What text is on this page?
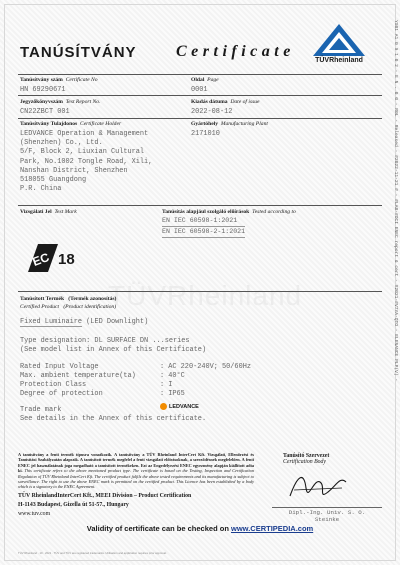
YS01 A1 0 9 1 0 2 - E N . 0 0 - R0L - Released - #2022-11-21 # - #LAB-#OCI ENEC report & cert - #2021-#V7YA-QTO - ELENANCE PLP(V) -
TANÚSÍTVÁNY Certificate
TÜVRheinland
Tanúsítvány szám Certificate No
HN 69290671
Oldal Page
0001
Jegyzőkönyvszám Test Report No.
CN22ZBCT 001
Kiadás dátuma Date of issue
2022-08-12
Tanúsítvány Tulajdonos Certificate Holder
LEDVANCE Operation & Management
(Shenzhen) Co., Ltd.
5/F, Block 2, Liuxian Cultural
Park, No.1002 Tongle Road, Xili,
Nanshan District, Shenzhen
518055 Guangdong
P.R. China
Gyártóhely Manufacturing Plant
2171010
Vizsgálati Jel Test Mark	Tanúsítás alapjául szolgáló előírások Tested according to
EN IEC 60598-1:2021
EN IEC 60598-2-1:2021
EC 18
TÜVRheinland
Tanúsított Termék (Termék azonosítás)
Certified Product (Product identification)
Fixed Luminaire (LED Downlight)
Type designation: DL SURFACE DN ...series
(See model list in Annex of this Certificate)
Rated Input Voltage	: AC 220-240V; 50/60Hz
Max. ambient temperature(ta)	: 40°C
Protection Class	: I
Degree of protection	: IP65
Trade mark	LEDVANCE
See details in the Annex of this certificate.
A tanúsítvány a fenti termék típusra vonatkozik. A tanúsítvány a TÜV Rheinland InterCert Kft. Vizsgálati, Ellenőrzési és Tanúsítási Szabályzatán alapszik. A tanúsított termék megfelel a fenti vizsgálati előírásoknak, a szerződésnek megfelelően. A fenti ENEC jel használatának joga megadható a tanúsított termékeken. Ezt az Engedélyezési ENEC egyezmény alapján kiállított adta ki. This certificate refers to the above mentioned product type. The certificate is based on the Testing, Inspection and Certification Regulation of TÜV Rheinland InterCert Kft. The certified product fulfils the above tested requirements and its manufacturing is subject to surveillance. The right to use the above ENEC mark is permitted on the certified product. This Licence has been established by a body which is a signatory to the ENEC Agreement.
Tanúsító Szervezet
Certification Body
TÜV RheinlandInterCert Kft., MEEI Division – Product Certification
H-1143 Budapest, Gizella út 51-57., Hungary
www.tuv.com	Dipl.-Ing. Univ. S. O.
Steinke
Validity of certificate can be checked on www.CERTIPEDIA.com
TÜV Rheinland · 10 · 2021 · TÜV and TÜV are registered trademarks. Utilisation and application requires prior approval.
